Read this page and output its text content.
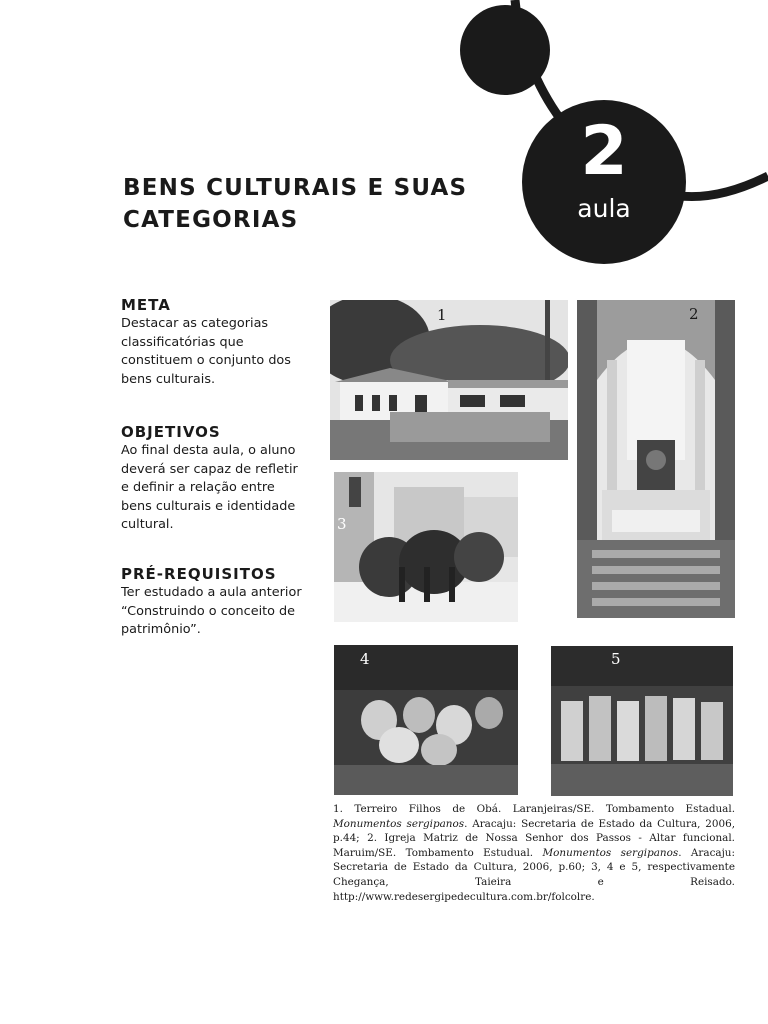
2
aula
BENS CULTURAIS E SUAS
CATEGORIAS
META

Destacar as categorias
classificatórias que
constituem o conjunto dos
bens culturais.

OBJETIVOS

Ao final desta aula, o aluno
deverá ser capaz de refletir
e definir a relação entre
bens culturais e identidade
cultural.

PRÉ-REQUISITOS

Ter estudado a aula anterior
“Construindo o conceito de
patrimônio”.

1	2
3
4	5
1. Terreiro Filhos de Obá. Laranjeiras/SE. Tombamento Estadual. Monumentos sergipanos. Aracaju: Secretaria de Estado da Cultura, 2006, p.44; 2. Igreja Matriz de Nossa Senhor dos Passos - Altar funcional. Maruim/SE. Tombamento Estudual. Monumentos sergipanos. Aracaju: Secretaria de Estado da Cultura, 2006, p.60; 3, 4 e 5, respectivamente Chegança, Taieira e Reisado. http://www.redesergipedecultura.com.br/folcolre.
